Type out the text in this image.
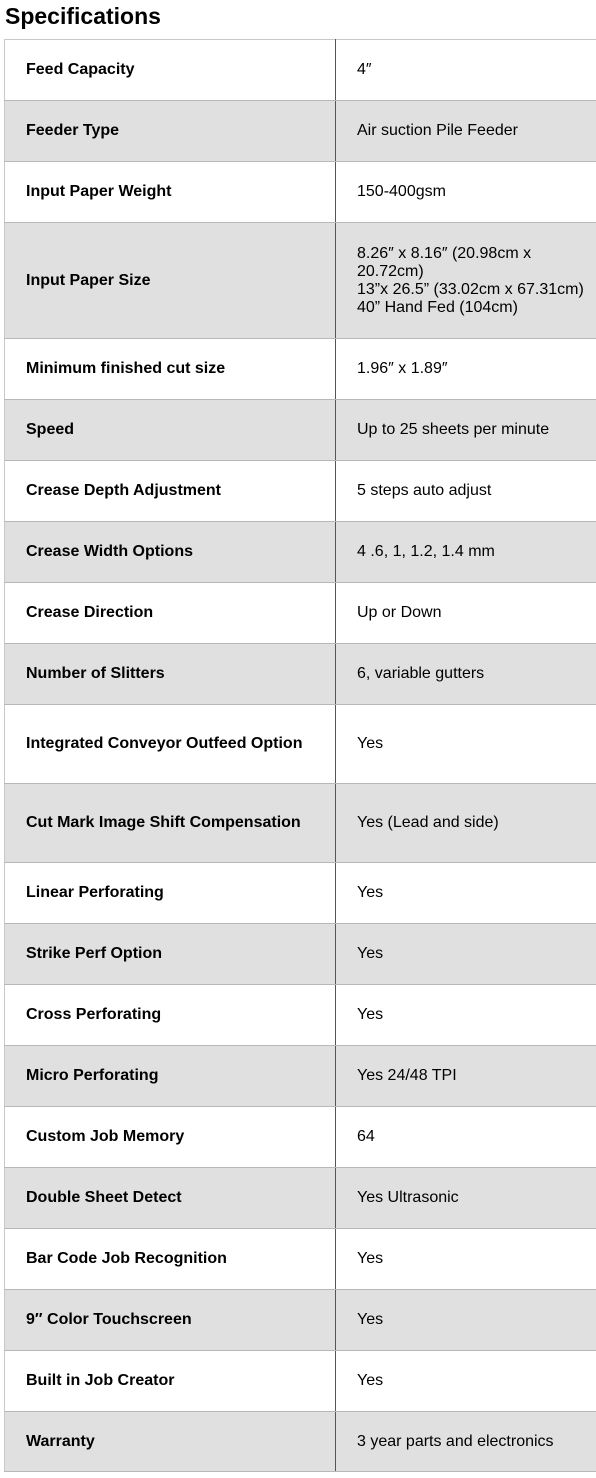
Specifications
Feed Capacity	4″

Feeder Type	Air suction Pile Feeder

Input Paper Weight	150-400gsm

Input Paper Size	8.26″ x 8.16″ (20.98cm x
20.72cm)
13”x 26.5” (33.02cm x 67.31cm)
40” Hand Fed (104cm)

Minimum finished cut size	1.96″ x 1.89″

Speed	Up to 25 sheets per minute

Crease Depth Adjustment	5 steps auto adjust

Crease Width Options	4 .6, 1, 1.2, 1.4 mm

Crease Direction	Up or Down

Number of Slitters	6, variable gutters

Integrated Conveyor Outfeed Option	Yes

Cut Mark Image Shift Compensation	Yes (Lead and side)

Linear Perforating	Yes

Strike Perf Option	Yes

Cross Perforating	Yes

Micro Perforating	Yes 24/48 TPI

Custom Job Memory	64

Double Sheet Detect	Yes Ultrasonic

Bar Code Job Recognition	Yes

9″ Color Touchscreen	Yes

Built in Job Creator	Yes

Warranty	3 year parts and electronics
